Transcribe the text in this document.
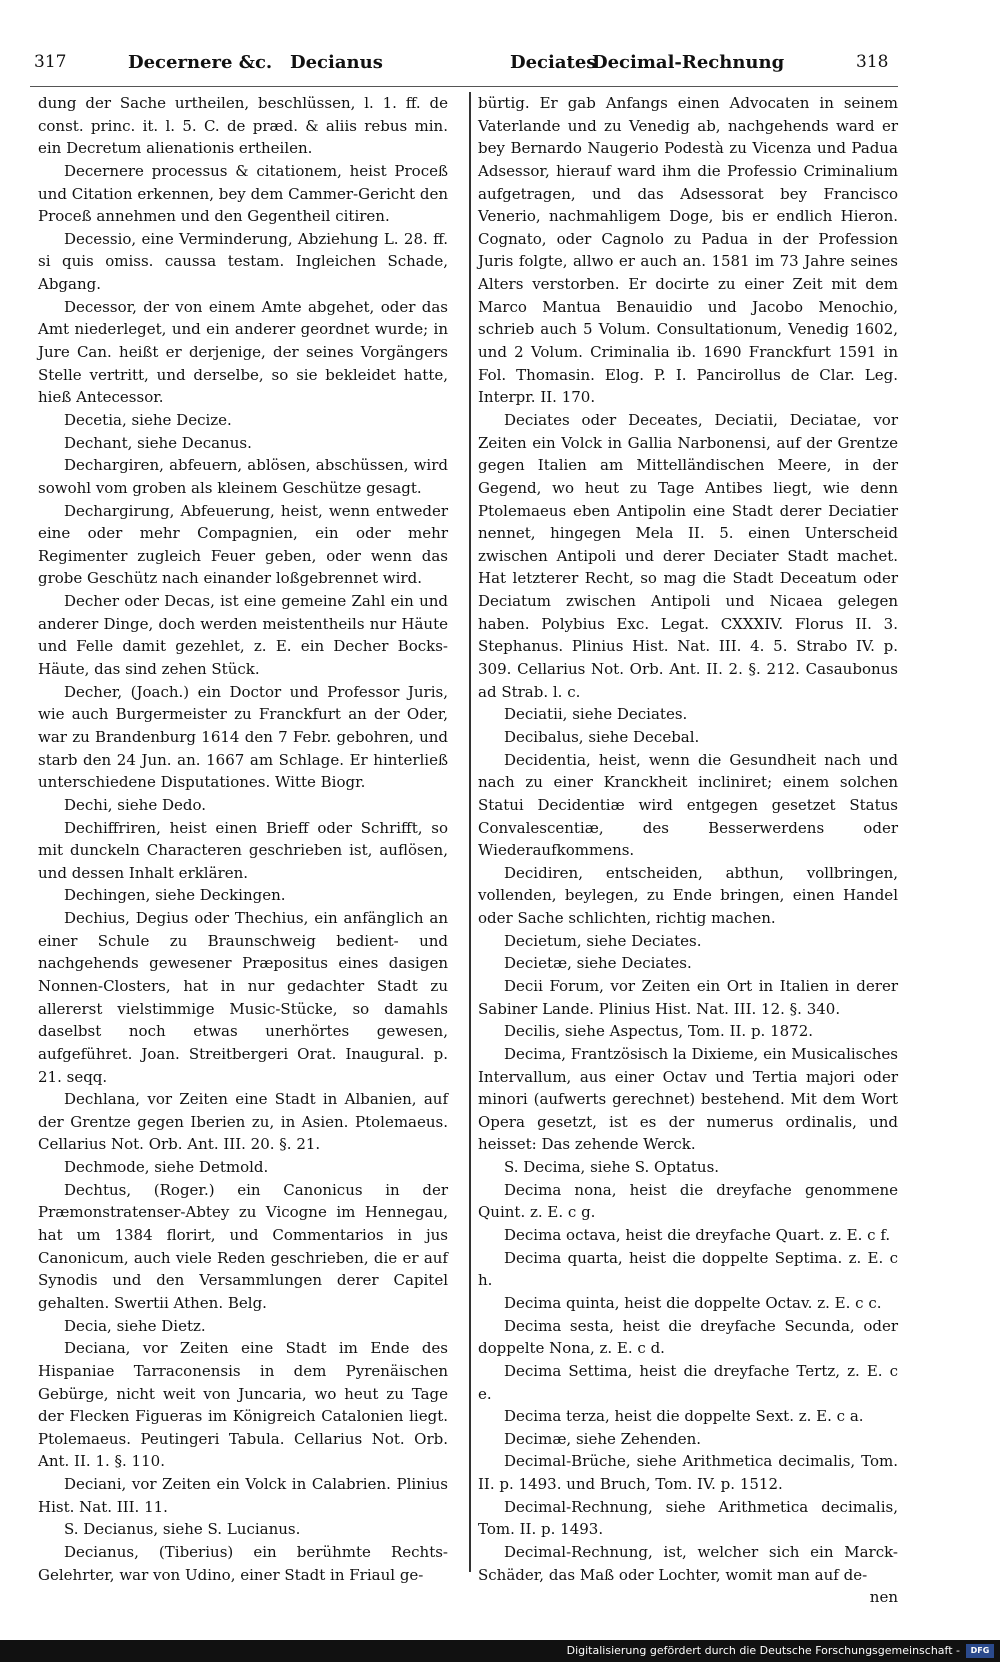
317	Decernere &c. Decianus	Deciates
Decimal-Rechnung	318

dung der Sache urtheilen, beschlüssen, l. 1. ff. de const. princ. it. l. 5. C. de præd. & aliis rebus min. ein Decretum alienationis ertheilen.

Decernere processus & citationem, heist Proceß und Citation erkennen, bey dem Cammer-Gericht den Proceß annehmen und den Gegentheil citiren.

Decessio, eine Verminderung, Abziehung L. 28. ff. si quis omiss. caussa testam. Ingleichen Schade, Abgang.

Decessor, der von einem Amte abgehet, oder das Amt niederleget, und ein anderer geordnet wurde; in Jure Can. heißt er derjenige, der seines Vorgängers Stelle vertritt, und derselbe, so sie bekleidet hatte, hieß Antecessor.

Decetia, siehe Decize.

Dechant, siehe Decanus.

Dechargiren, abfeuern, ablösen, abschüssen, wird sowohl vom groben als kleinem Geschütze gesagt.

Dechargirung, Abfeuerung, heist, wenn entweder eine oder mehr Compagnien, ein oder mehr Regimenter zugleich Feuer geben, oder wenn das grobe Geschütz nach einander loßgebrennet wird.

Decher oder Decas, ist eine gemeine Zahl ein und anderer Dinge, doch werden meistentheils nur Häute und Felle damit gezehlet, z. E. ein Decher Bocks-Häute, das sind zehen Stück.

Decher, (Joach.) ein Doctor und Professor Juris, wie auch Burgermeister zu Franckfurt an der Oder, war zu Brandenburg 1614 den 7 Febr. gebohren, und starb den 24 Jun. an. 1667 am Schlage. Er hinterließ unterschiedene Disputationes. Witte Biogr.

Dechi, siehe Dedo.

Dechiffriren, heist einen Brieff oder Schrifft, so mit dunckeln Characteren geschrieben ist, auflösen, und dessen Inhalt erklären.

Dechingen, siehe Deckingen.

Dechius, Degius oder Thechius, ein anfänglich an einer Schule zu Braunschweig bedient- und nachgehends gewesener Præpositus eines dasigen Nonnen-Closters, hat in nur gedachter Stadt zu allererst vielstimmige Music-Stücke, so damahls daselbst noch etwas unerhörtes gewesen, aufgeführet. Joan. Streitbergeri Orat. Inaugural. p. 21. seqq.

Dechlana, vor Zeiten eine Stadt in Albanien, auf der Grentze gegen Iberien zu, in Asien. Ptolemaeus. Cellarius Not. Orb. Ant. III. 20. §. 21.

Dechmode, siehe Detmold.

Dechtus, (Roger.) ein Canonicus in der Præmonstratenser-Abtey zu Vicogne im Hennegau, hat um 1384 florirt, und Commentarios in jus Canonicum, auch viele Reden geschrieben, die er auf Synodis und den Versammlungen derer Capitel gehalten. Swertii Athen. Belg.

Decia, siehe Dietz.

Deciana, vor Zeiten eine Stadt im Ende des Hispaniae Tarraconensis in dem Pyrenäischen Gebürge, nicht weit von Juncaria, wo heut zu Tage der Flecken Figueras im Königreich Catalonien liegt. Ptolemaeus. Peutingeri Tabula. Cellarius Not. Orb. Ant. II. 1. §. 110.

Deciani, vor Zeiten ein Volck in Calabrien. Plinius Hist. Nat. III. 11.

S. Decianus, siehe S. Lucianus.

Decianus, (Tiberius) ein berühmte Rechts-Gelehrter, war von Udino, einer Stadt in Friaul ge-

bürtig. Er gab Anfangs einen Advocaten in seinem Vaterlande und zu Venedig ab, nachgehends ward er bey Bernardo Naugerio Podestà zu Vicenza und Padua Adsessor, hierauf ward ihm die Professio Criminalium aufgetragen, und das Adsessorat bey Francisco Venerio, nachmahligem Doge, bis er endlich Hieron. Cognato, oder Cagnolo zu Padua in der Profession Juris folgte, allwo er auch an. 1581 im 73 Jahre seines Alters verstorben. Er docirte zu einer Zeit mit dem Marco Mantua Benauidio und Jacobo Menochio, schrieb auch 5 Volum. Consultationum, Venedig 1602, und 2 Volum. Criminalia ib. 1690 Franckfurt 1591 in Fol. Thomasin. Elog. P. I. Pancirollus de Clar. Leg. Interpr. II. 170.

Deciates oder Deceates, Deciatii, Deciatae, vor Zeiten ein Volck in Gallia Narbonensi, auf der Grentze gegen Italien am Mittelländischen Meere, in der Gegend, wo heut zu Tage Antibes liegt, wie denn Ptolemaeus eben Antipolin eine Stadt derer Deciatier nennet, hingegen Mela II. 5. einen Unterscheid zwischen Antipoli und derer Deciater Stadt machet. Hat letzterer Recht, so mag die Stadt Deceatum oder Deciatum zwischen Antipoli und Nicaea gelegen haben. Polybius Exc. Legat. CXXXIV. Florus II. 3. Stephanus. Plinius Hist. Nat. III. 4. 5. Strabo IV. p. 309. Cellarius Not. Orb. Ant. II. 2. §. 212. Casaubonus ad Strab. l. c.

Deciatii, siehe Deciates.

Decibalus, siehe Decebal.

Decidentia, heist, wenn die Gesundheit nach und nach zu einer Kranckheit incliniret; einem solchen Statui Decidentiæ wird entgegen gesetzet Status Convalescentiæ, des Besserwerdens oder Wiederaufkommens.

Decidiren, entscheiden, abthun, vollbringen, vollenden, beylegen, zu Ende bringen, einen Handel oder Sache schlichten, richtig machen.

Decietum, siehe Deciates.

Decietæ, siehe Deciates.

Decii Forum, vor Zeiten ein Ort in Italien in derer Sabiner Lande. Plinius Hist. Nat. III. 12. §. 340.

Decilis, siehe Aspectus, Tom. II. p. 1872.

Decima, Frantzösisch la Dixieme, ein Musicalisches Intervallum, aus einer Octav und Tertia majori oder minori (aufwerts gerechnet) bestehend. Mit dem Wort Opera gesetzt, ist es der numerus ordinalis, und heisset: Das zehende Werck.

S. Decima, siehe S. Optatus.

Decima nona, heist die dreyfache genommene Quint. z. E. c g.

Decima octava, heist die dreyfache Quart. z. E. c f.

Decima quarta, heist die doppelte Septima. z. E. c h.

Decima quinta, heist die doppelte Octav. z. E. c c.

Decima sesta, heist die dreyfache Secunda, oder doppelte Nona, z. E. c d.

Decima Settima, heist die dreyfache Tertz, z. E. c e.

Decima terza, heist die doppelte Sext. z. E. c a.

Decimæ, siehe Zehenden.

Decimal-Brüche, siehe Arithmetica decimalis, Tom. II. p. 1493. und Bruch, Tom. IV. p. 1512.

Decimal-Rechnung, siehe Arithmetica decimalis, Tom. II. p. 1493.

Decimal-Rechnung, ist, welcher sich ein Marck-Schäder, das Maß oder Lochter, womit man auf de-

nen

Digitalisierung gefördert durch die Deutsche Forschungsgemeinschaft -	DFG
